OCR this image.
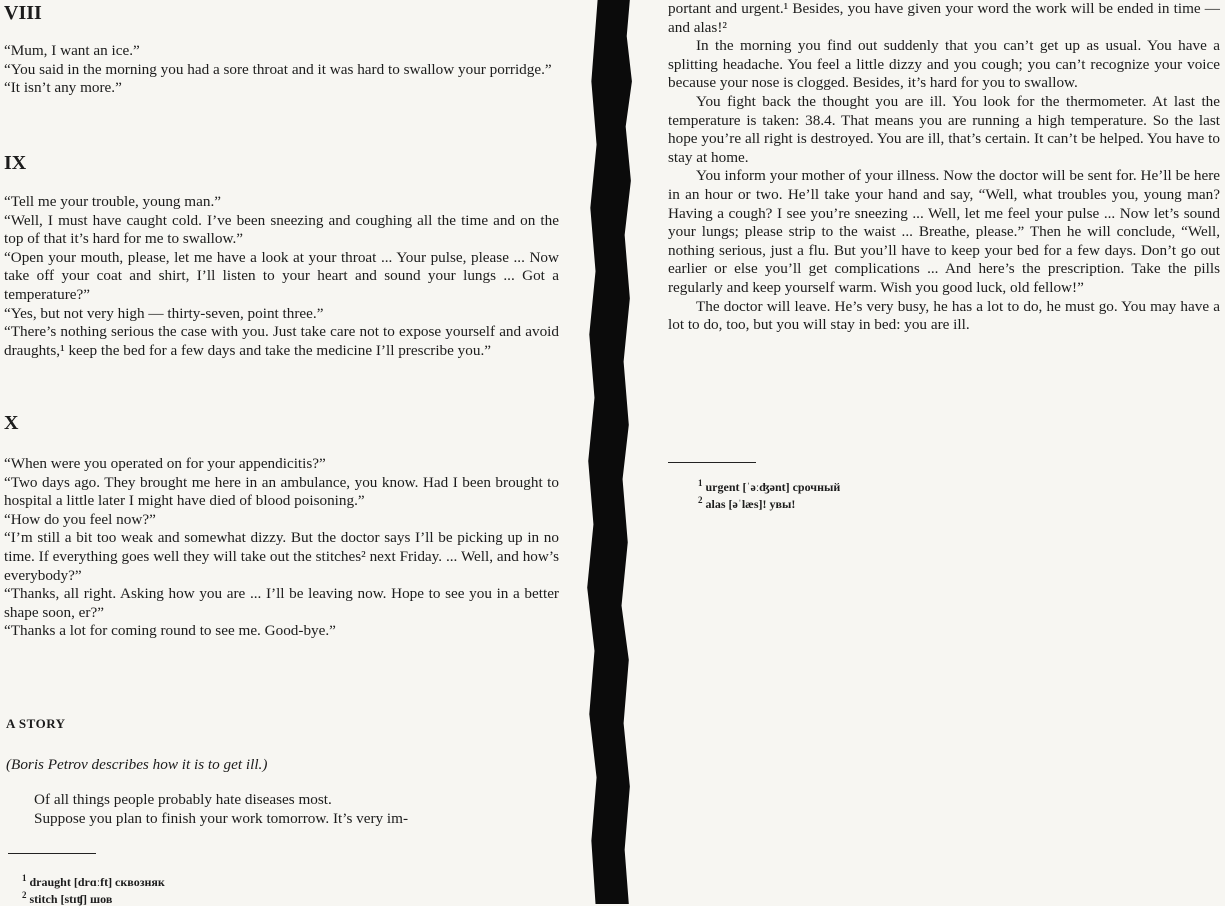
VIII

“Mum, I want an ice.”

“You said in the morning you had a sore throat and it was hard to swallow your porridge.”

“It isn’t any more.”

IX

“Tell me your trouble, young man.”

“Well, I must have caught cold. I’ve been sneezing and coughing all the time and on the top of that it’s hard for me to swallow.”

“Open your mouth, please, let me have a look at your throat ... Your pulse, please ... Now take off your coat and shirt, I’ll listen to your heart and sound your lungs ... Got a temperature?”

“Yes, but not very high — thirty-seven, point three.”

“There’s nothing serious the case with you. Just take care not to expose yourself and avoid draughts,¹ keep the bed for a few days and take the medicine I’ll prescribe you.”

X

“When were you operated on for your appendicitis?”

“Two days ago. They brought me here in an ambulance, you know. Had I been brought to hospital a little later I might have died of blood poisoning.”

“How do you feel now?”

“I’m still a bit too weak and somewhat dizzy. But the doctor says I’ll be picking up in no time. If everything goes well they will take out the stitches² next Friday. ... Well, and how’s everybody?”

“Thanks, all right. Asking how you are ... I’ll be leaving now. Hope to see you in a better shape soon, er?”

“Thanks a lot for coming round to see me. Good-bye.”

A STORY
(Boris Petrov describes how it is to get ill.)

Of all things people probably hate diseases most.

Suppose you plan to finish your work tomorrow. It’s very im-

$^1$ draught [drɑːft] сквозняк

$^2$ stitch [stɪʧ] шов

portant and urgent.¹ Besides, you have given your word the work will be ended in time — and alas!²

In the morning you find out suddenly that you can’t get up as usual. You have a splitting headache. You feel a little dizzy and you cough; you can’t recognize your voice because your nose is clogged. Besides, it’s hard for you to swallow.

You fight back the thought you are ill. You look for the thermometer. At last the temperature is taken: 38.4. That means you are running a high temperature. So the last hope you’re all right is destroyed. You are ill, that’s certain. It can’t be helped. You have to stay at home.

You inform your mother of your illness. Now the doctor will be sent for. He’ll be here in an hour or two. He’ll take your hand and say, “Well, what troubles you, young man? Having a cough? I see you’re sneezing ... Well, let me feel your pulse ... Now let’s sound your lungs; please strip to the waist ... Breathe, please.” Then he will conclude, “Well, nothing serious, just a flu. But you’ll have to keep your bed for a few days. Don’t go out earlier or else you’ll get complications ... And here’s the prescription. Take the pills regularly and keep yourself warm. Wish you good luck, old fellow!”

The doctor will leave. He’s very busy, he has a lot to do, he must go. You may have a lot to do, too, but you will stay in bed: you are ill.

$^1$ urgent [ˈəːʤənt] срочный

$^2$ alas [əˈlæs]! увы!
